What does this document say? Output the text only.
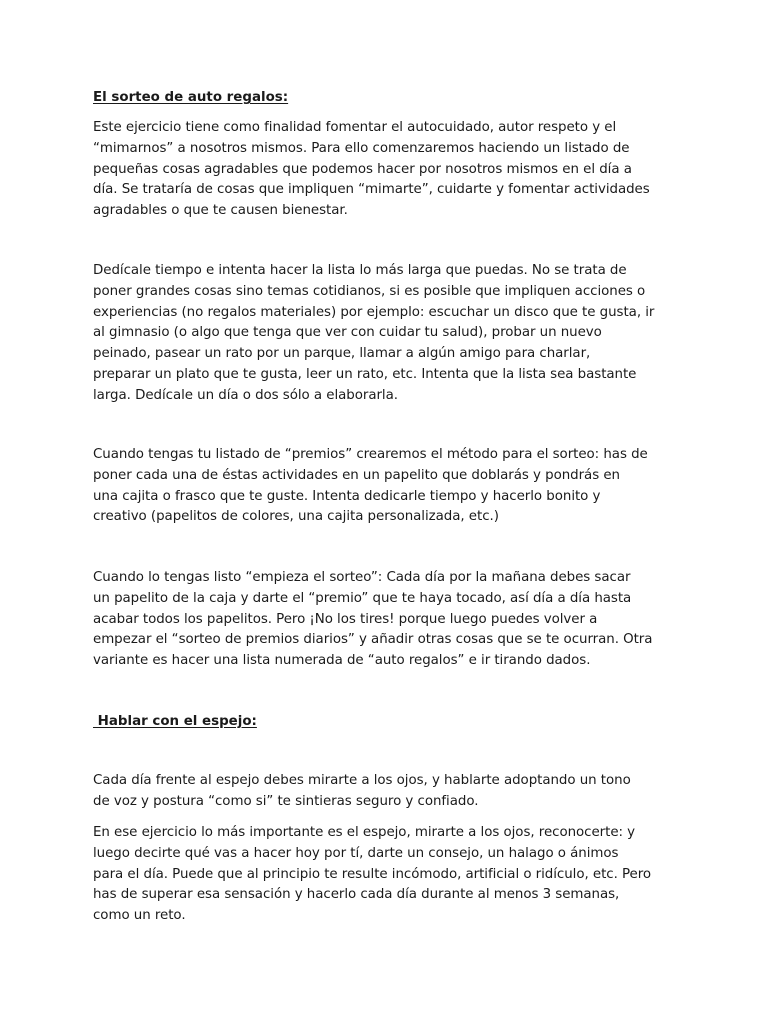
El sorteo de auto regalos:

Este ejercicio tiene como finalidad fomentar el autocuidado, autor respeto y el
“mimarnos” a nosotros mismos. Para ello comenzaremos haciendo un listado de
pequeñas cosas agradables que podemos hacer por nosotros mismos en el día a
día. Se trataría de cosas que impliquen “mimarte”, cuidarte y fomentar actividades
agradables o que te causen bienestar.
Dedícale tiempo e intenta hacer la lista lo más larga que puedas. No se trata de
poner grandes cosas sino temas cotidianos, si es posible que impliquen acciones o
experiencias (no regalos materiales) por ejemplo: escuchar un disco que te gusta, ir
al gimnasio (o algo que tenga que ver con cuidar tu salud), probar un nuevo
peinado, pasear un rato por un parque, llamar a algún amigo para charlar,
preparar un plato que te gusta, leer un rato, etc. Intenta que la lista sea bastante
larga. Dedícale un día o dos sólo a elaborarla.
Cuando tengas tu listado de “premios” crearemos el método para el sorteo: has de
poner cada una de éstas actividades en un papelito que doblarás y pondrás en
una cajita o frasco que te guste. Intenta dedicarle tiempo y hacerlo bonito y
creativo (papelitos de colores, una cajita personalizada, etc.)
Cuando lo tengas listo “empieza el sorteo”: Cada día por la mañana debes sacar
un papelito de la caja y darte el “premio” que te haya tocado, así día a día hasta
acabar todos los papelitos. Pero ¡No los tires! porque luego puedes volver a
empezar el “sorteo de premios diarios” y añadir otras cosas que se te ocurran. Otra
variante es hacer una lista numerada de “auto regalos” e ir tirando dados.

Hablar con el espejo:

Cada día frente al espejo debes mirarte a los ojos, y hablarte adoptando un tono
de voz y postura “como si” te sintieras seguro y confiado.
En ese ejercicio lo más importante es el espejo, mirarte a los ojos, reconocerte: y
luego decirte qué vas a hacer hoy por tí, darte un consejo, un halago o ánimos
para el día. Puede que al principio te resulte incómodo, artificial o ridículo, etc. Pero
has de superar esa sensación y hacerlo cada día durante al menos 3 semanas,
como un reto.
